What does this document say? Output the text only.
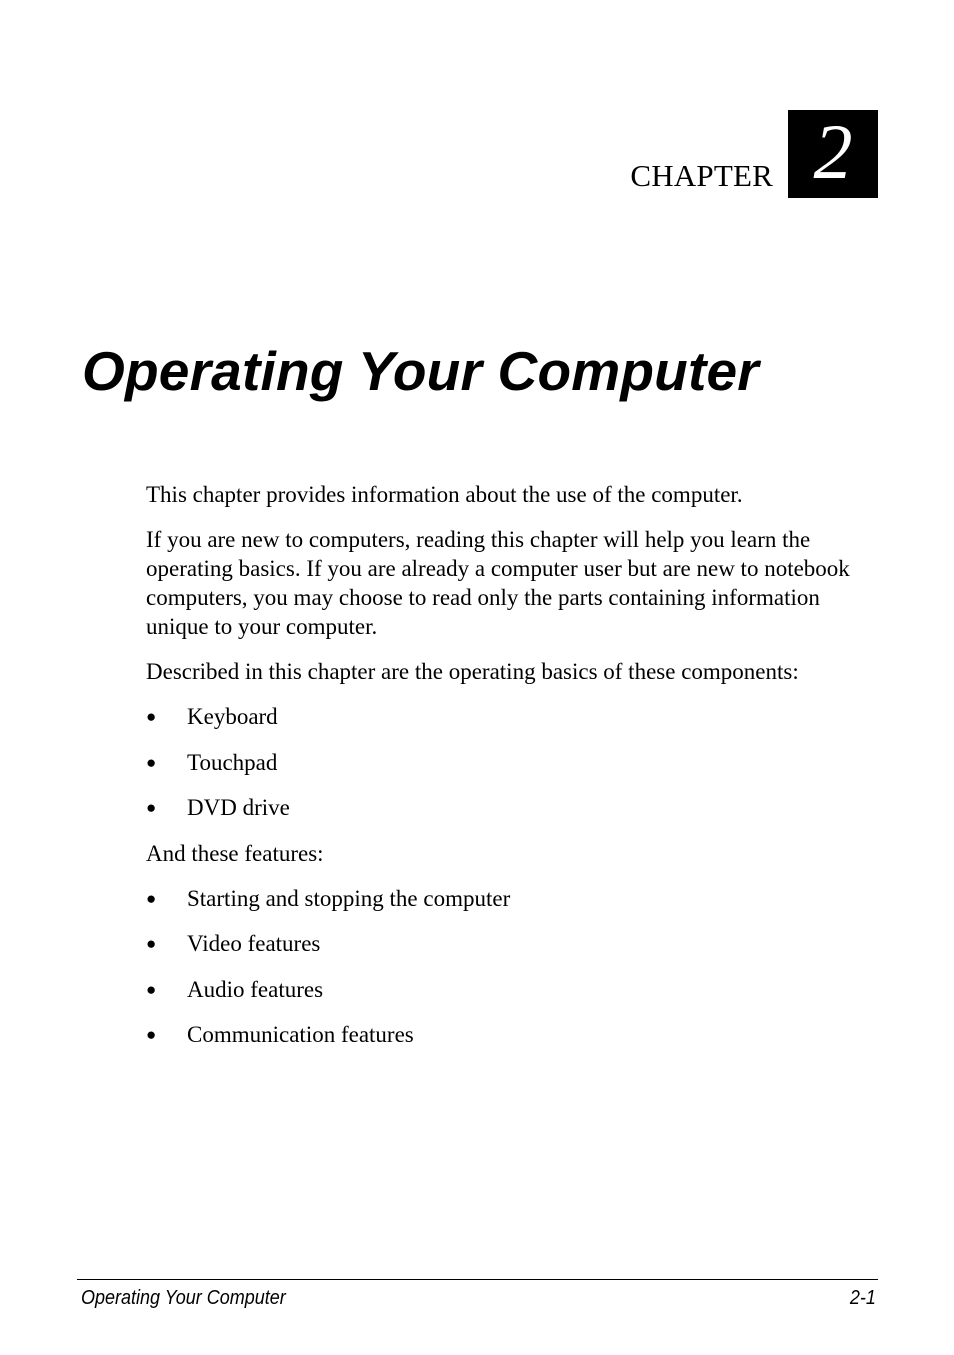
CHAPTER 2
Operating Your Computer

This chapter provides information about the use of the computer.

If you are new to computers, reading this chapter will help you learn the operating basics. If you are already a computer user but are new to notebook computers, you may choose to read only the parts containing information unique to your computer.

Described in this chapter are the operating basics of these components:

● Keyboard
● Touchpad
● DVD drive

And these features:

● Starting and stopping the computer
● Video features
● Audio features
● Communication features
Operating Your Computer	2-1
